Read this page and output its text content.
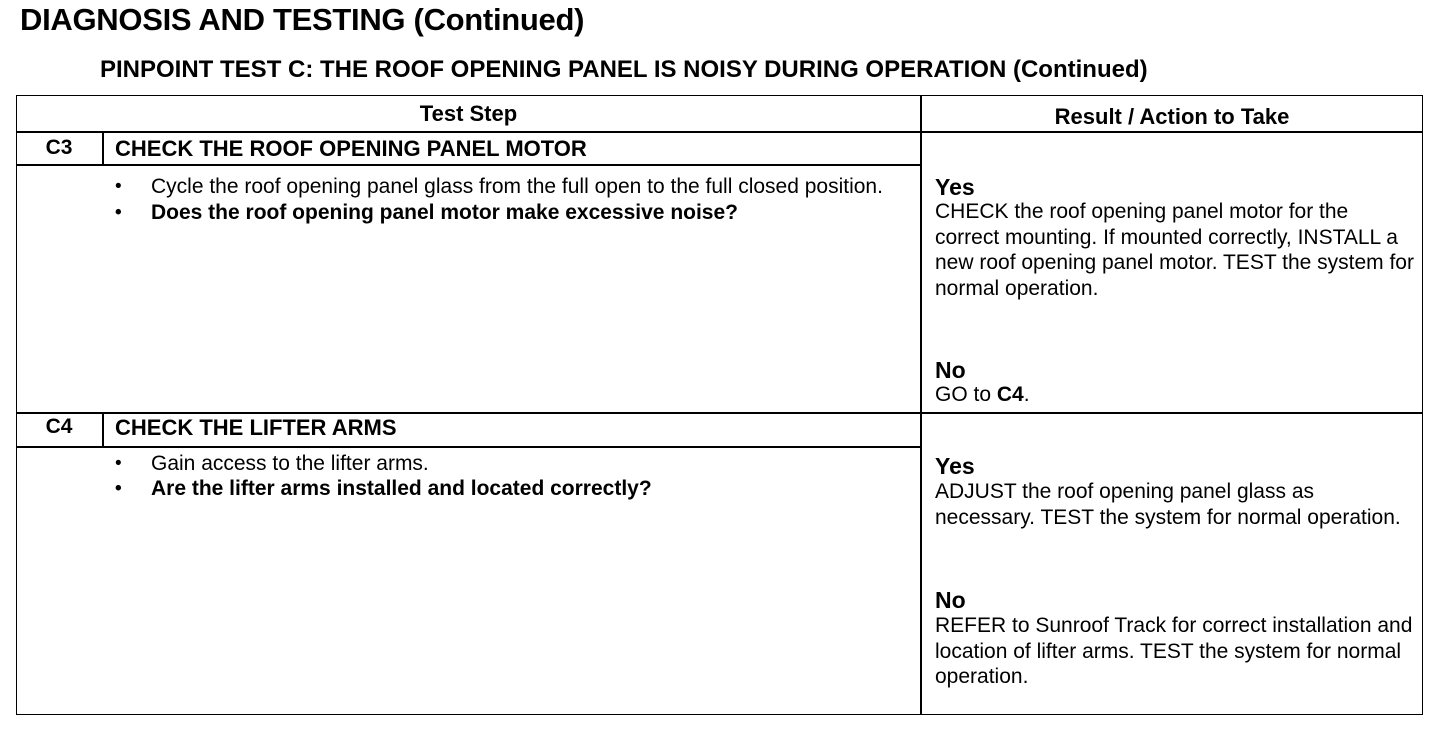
DIAGNOSIS AND TESTING (Continued)
PINPOINT TEST C: THE ROOF OPENING PANEL IS NOISY DURING OPERATION (Continued)
Test Step	Result / Action to Take
C3	CHECK THE ROOF OPENING PANEL MOTOR
• Cycle the roof opening panel glass from the full open to the full closed position.
• Does the roof opening panel motor make excessive noise?
Yes
CHECK the roof opening panel motor for the correct mounting. If mounted correctly, INSTALL a new roof opening panel motor. TEST the system for normal operation.
No
GO to C4.
C4	CHECK THE LIFTER ARMS
• Gain access to the lifter arms.
• Are the lifter arms installed and located correctly?
Yes
ADJUST the roof opening panel glass as necessary. TEST the system for normal operation.
No
REFER to Sunroof Track for correct installation and location of lifter arms. TEST the system for normal operation.
